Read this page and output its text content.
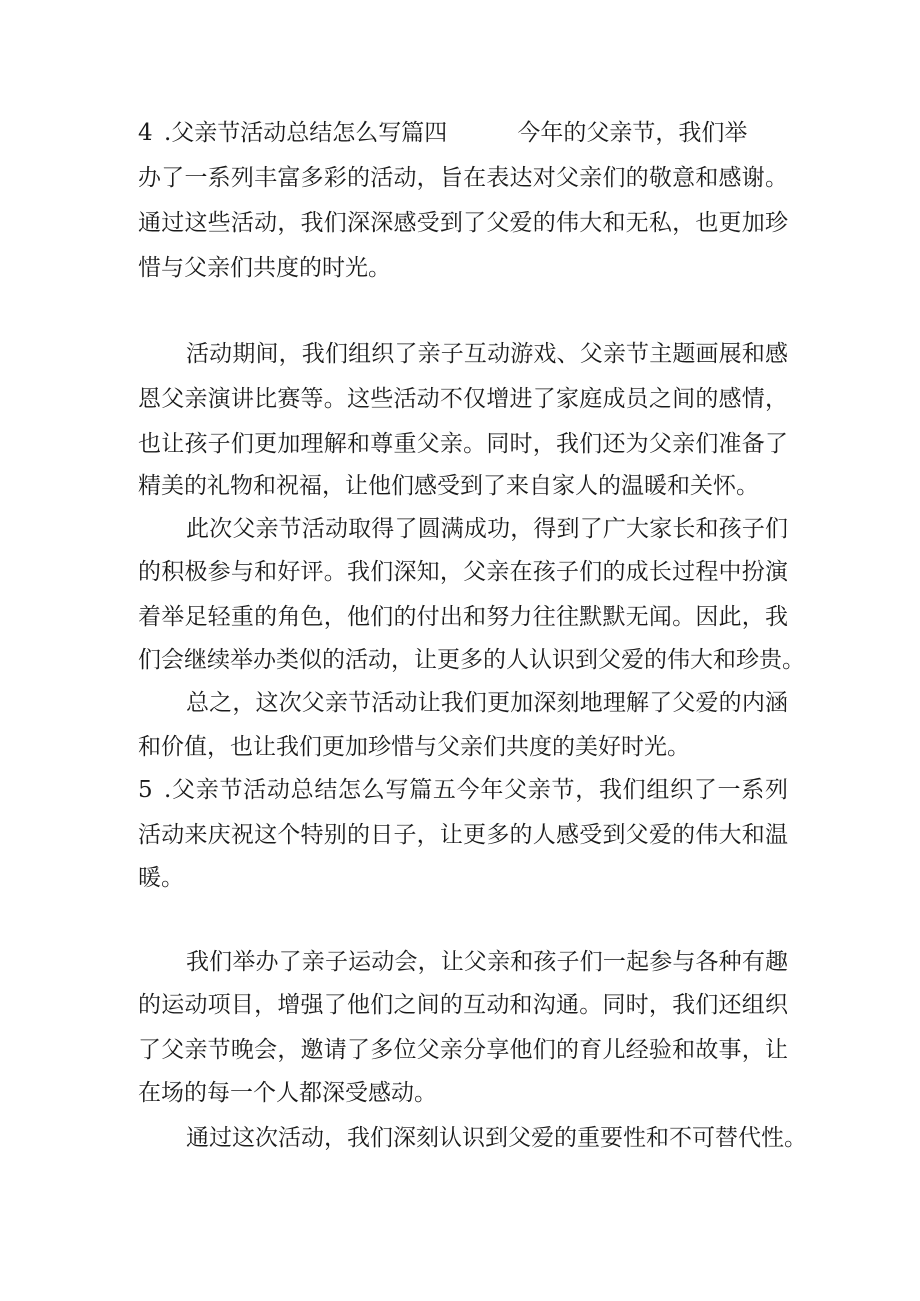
4 .父亲节活动总结怎么写篇四	今年的父亲节，我们举
办了一系列丰富多彩的活动，旨在表达对父亲们的敬意和感谢。
通过这些活动，我们深深感受到了父爱的伟大和无私，也更加珍
惜与父亲们共度的时光。
活动期间，我们组织了亲子互动游戏、父亲节主题画展和感
恩父亲演讲比赛等。这些活动不仅增进了家庭成员之间的感情，
也让孩子们更加理解和尊重父亲。同时，我们还为父亲们准备了
精美的礼物和祝福，让他们感受到了来自家人的温暖和关怀。
此次父亲节活动取得了圆满成功，得到了广大家长和孩子们
的积极参与和好评。我们深知，父亲在孩子们的成长过程中扮演
着举足轻重的角色，他们的付出和努力往往默默无闻。因此，我
们会继续举办类似的活动，让更多的人认识到父爱的伟大和珍贵。
总之，这次父亲节活动让我们更加深刻地理解了父爱的内涵
和价值，也让我们更加珍惜与父亲们共度的美好时光。
5 .父亲节活动总结怎么写篇五今年父亲节，我们组织了一系列
活动来庆祝这个特别的日子，让更多的人感受到父爱的伟大和温
暖。
我们举办了亲子运动会，让父亲和孩子们一起参与各种有趣
的运动项目，增强了他们之间的互动和沟通。同时，我们还组织
了父亲节晚会，邀请了多位父亲分享他们的育儿经验和故事，让
在场的每一个人都深受感动。
通过这次活动，我们深刻认识到父爱的重要性和不可替代性。
